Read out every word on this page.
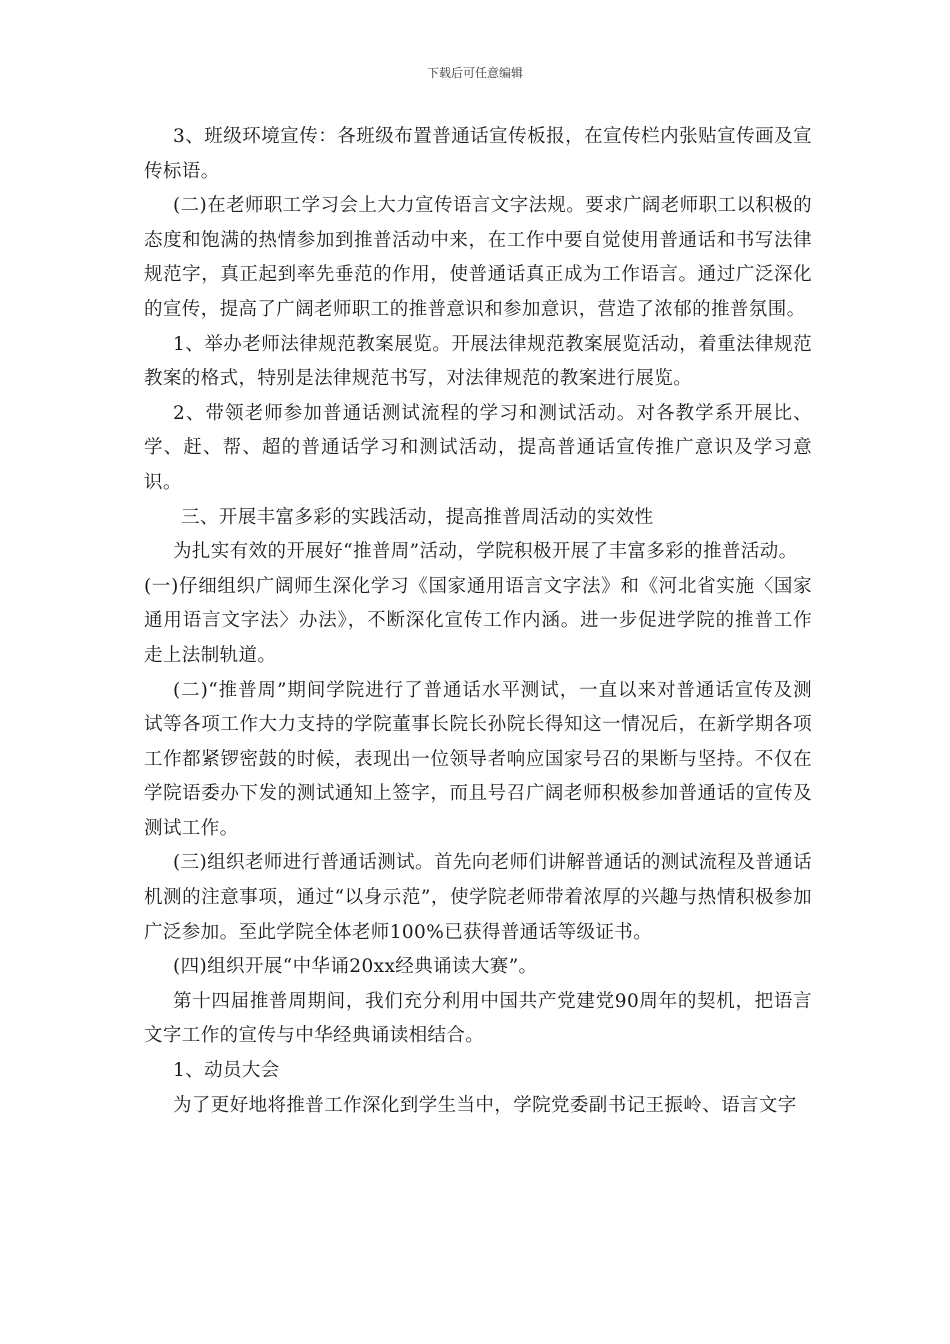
下载后可任意编辑

3、班级环境宣传：各班级布置普通话宣传板报，在宣传栏内张贴宣传画及宣传标语。

(二)在老师职工学习会上大力宣传语言文字法规。要求广阔老师职工以积极的态度和饱满的热情参加到推普活动中来，在工作中要自觉使用普通话和书写法律规范字，真正起到率先垂范的作用，使普通话真正成为工作语言。通过广泛深化的宣传，提高了广阔老师职工的推普意识和参加意识，营造了浓郁的推普氛围。

1、举办老师法律规范教案展览。开展法律规范教案展览活动，着重法律规范教案的格式，特别是法律规范书写，对法律规范的教案进行展览。

2、带领老师参加普通话测试流程的学习和测试活动。对各教学系开展比、学、赶、帮、超的普通话学习和测试活动，提高普通话宣传推广意识及学习意识。

三、开展丰富多彩的实践活动，提高推普周活动的实效性

为扎实有效的开展好“推普周”活动，学院积极开展了丰富多彩的推普活动。

(一)仔细组织广阔师生深化学习《国家通用语言文字法》和《河北省实施〈国家通用语言文字法〉办法》，不断深化宣传工作内涵。进一步促进学院的推普工作走上法制轨道。

(二)“推普周”期间学院进行了普通话水平测试，一直以来对普通话宣传及测试等各项工作大力支持的学院董事长院长孙院长得知这一情况后，在新学期各项工作都紧锣密鼓的时候，表现出一位领导者响应国家号召的果断与坚持。不仅在学院语委办下发的测试通知上签字，而且号召广阔老师积极参加普通话的宣传及测试工作。

(三)组织老师进行普通话测试。首先向老师们讲解普通话的测试流程及普通话机测的注意事项，通过“以身示范”，使学院老师带着浓厚的兴趣与热情积极参加广泛参加。至此学院全体老师100%已获得普通话等级证书。

(四)组织开展“中华诵20xx经典诵读大赛”。

第十四届推普周期间，我们充分利用中国共产党建党90周年的契机，把语言文字工作的宣传与中华经典诵读相结合。

1、动员大会

为了更好地将推普工作深化到学生当中，学院党委副书记王振岭、语言文字
